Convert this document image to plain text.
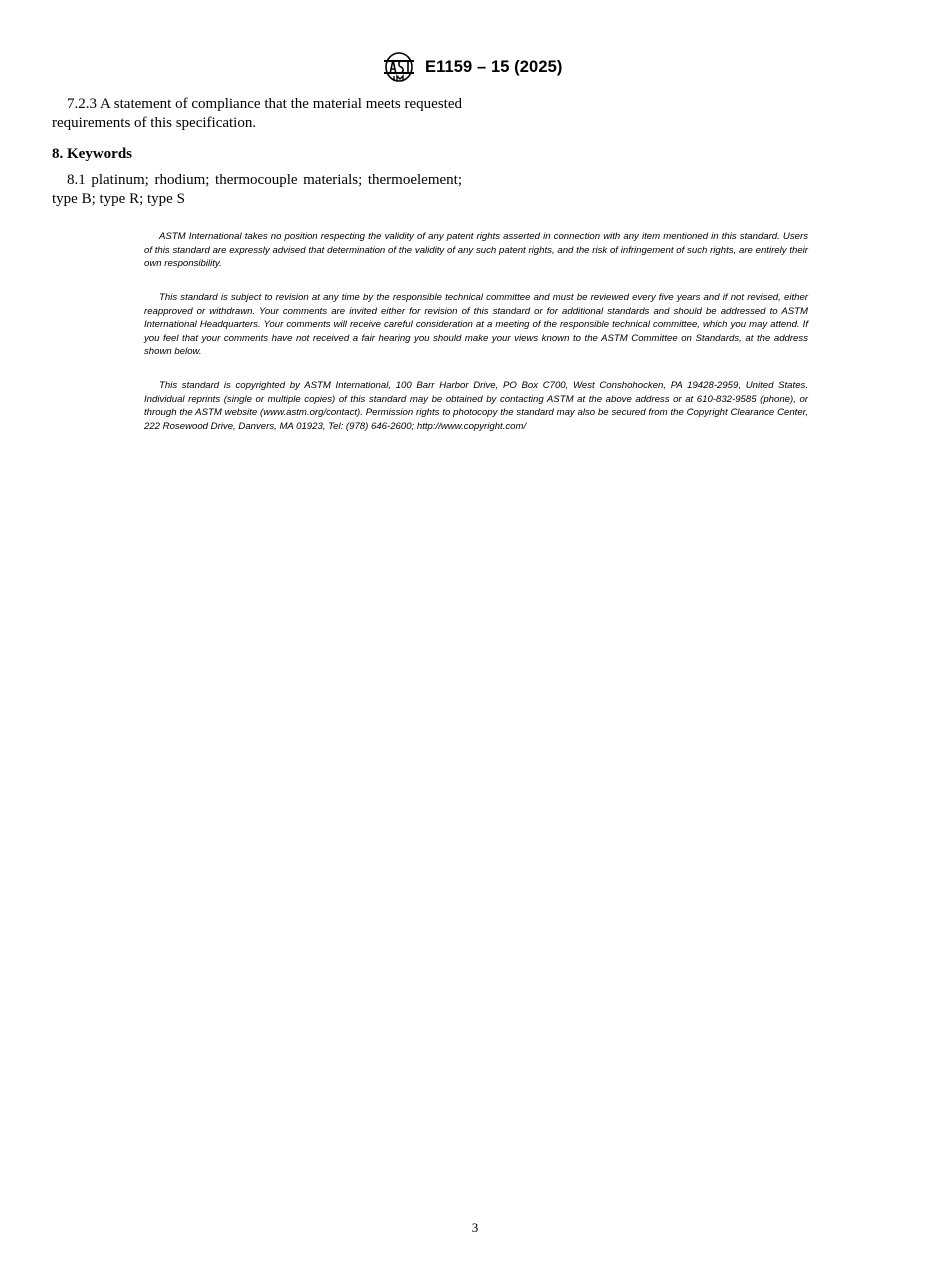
E1159 – 15 (2025)
7.2.3 A statement of compliance that the material meets requested requirements of this specification.
8. Keywords
8.1 platinum; rhodium; thermocouple materials; thermoelement; type B; type R; type S
ASTM International takes no position respecting the validity of any patent rights asserted in connection with any item mentioned in this standard. Users of this standard are expressly advised that determination of the validity of any such patent rights, and the risk of infringement of such rights, are entirely their own responsibility.
This standard is subject to revision at any time by the responsible technical committee and must be reviewed every five years and if not revised, either reapproved or withdrawn. Your comments are invited either for revision of this standard or for additional standards and should be addressed to ASTM International Headquarters. Your comments will receive careful consideration at a meeting of the responsible technical committee, which you may attend. If you feel that your comments have not received a fair hearing you should make your views known to the ASTM Committee on Standards, at the address shown below.
This standard is copyrighted by ASTM International, 100 Barr Harbor Drive, PO Box C700, West Conshohocken, PA 19428-2959, United States. Individual reprints (single or multiple copies) of this standard may be obtained by contacting ASTM at the above address or at 610-832-9585 (phone), or through the ASTM website (www.astm.org/contact). Permission rights to photocopy the standard may also be secured from the Copyright Clearance Center, 222 Rosewood Drive, Danvers, MA 01923, Tel: (978) 646-2600; http://www.copyright.com/
3
